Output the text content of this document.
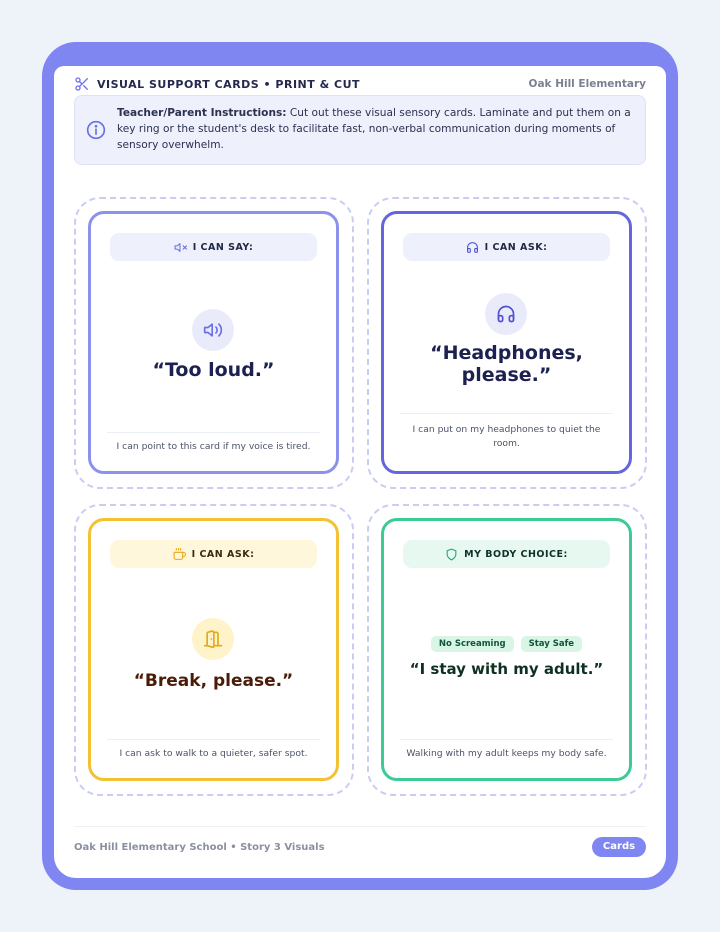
VISUAL SUPPORT CARDS • PRINT & CUT	Oak Hill Elementary

Teacher/Parent Instructions: Cut out these visual sensory cards. Laminate and put them on a key ring or the student's desk to facilitate fast, non-verbal communication during moments of sensory overwhelm.

I CAN SAY:
“Too loud.”
I can point to this card if my voice is tired.
I CAN ASK:
“Headphones, please.”
I can put on my headphones to quiet the room.
I CAN ASK:
“Break, please.”
I can ask to walk to a quieter, safer spot.
MY BODY CHOICE:
No Screaming	Stay Safe
“I stay with my adult.”
Walking with my adult keeps my body safe.
Oak Hill Elementary School • Story 3 Visuals	Cards
